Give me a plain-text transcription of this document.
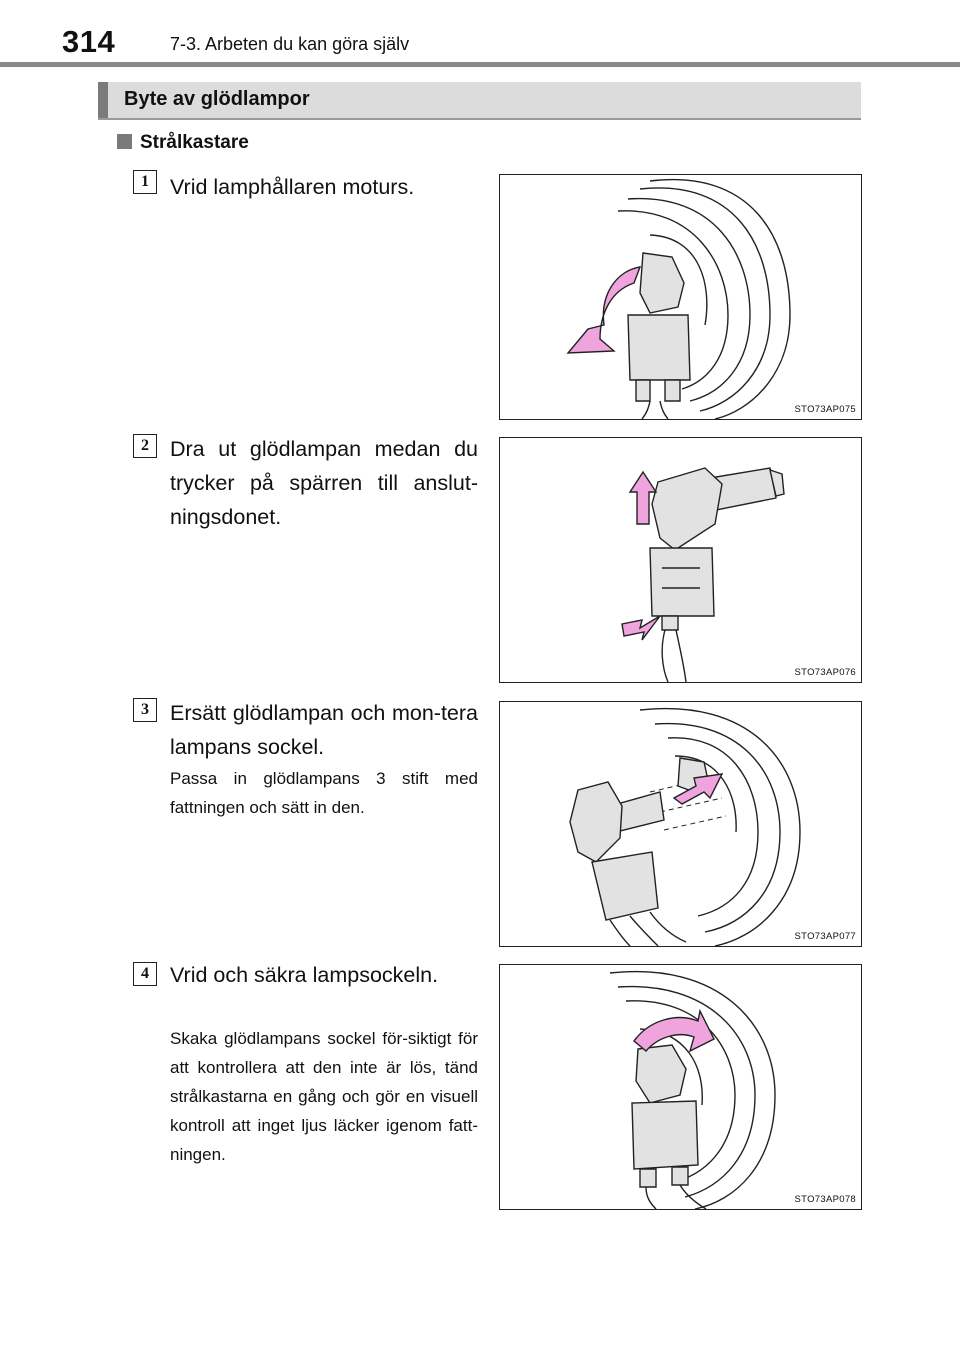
314	7-3. Arbeten du kan göra själv
Byte av glödlampor
Strålkastare
1 Vrid lamphållaren moturs.
STO73AP075
2 Dra ut glödlampan medan du trycker på spärren till anslut-ningsdonet.
STO73AP076
3 Ersätt glödlampan och mon-tera lampans sockel.
Passa in glödlampans 3 stift med fattningen och sätt in den.
STO73AP077
4 Vrid och säkra lampsockeln.
Skaka glödlampans sockel för-siktigt för att kontrollera att den inte är lös, tänd strålkastarna en gång och gör en visuell kontroll att inget ljus läcker igenom fatt-ningen.
STO73AP078
